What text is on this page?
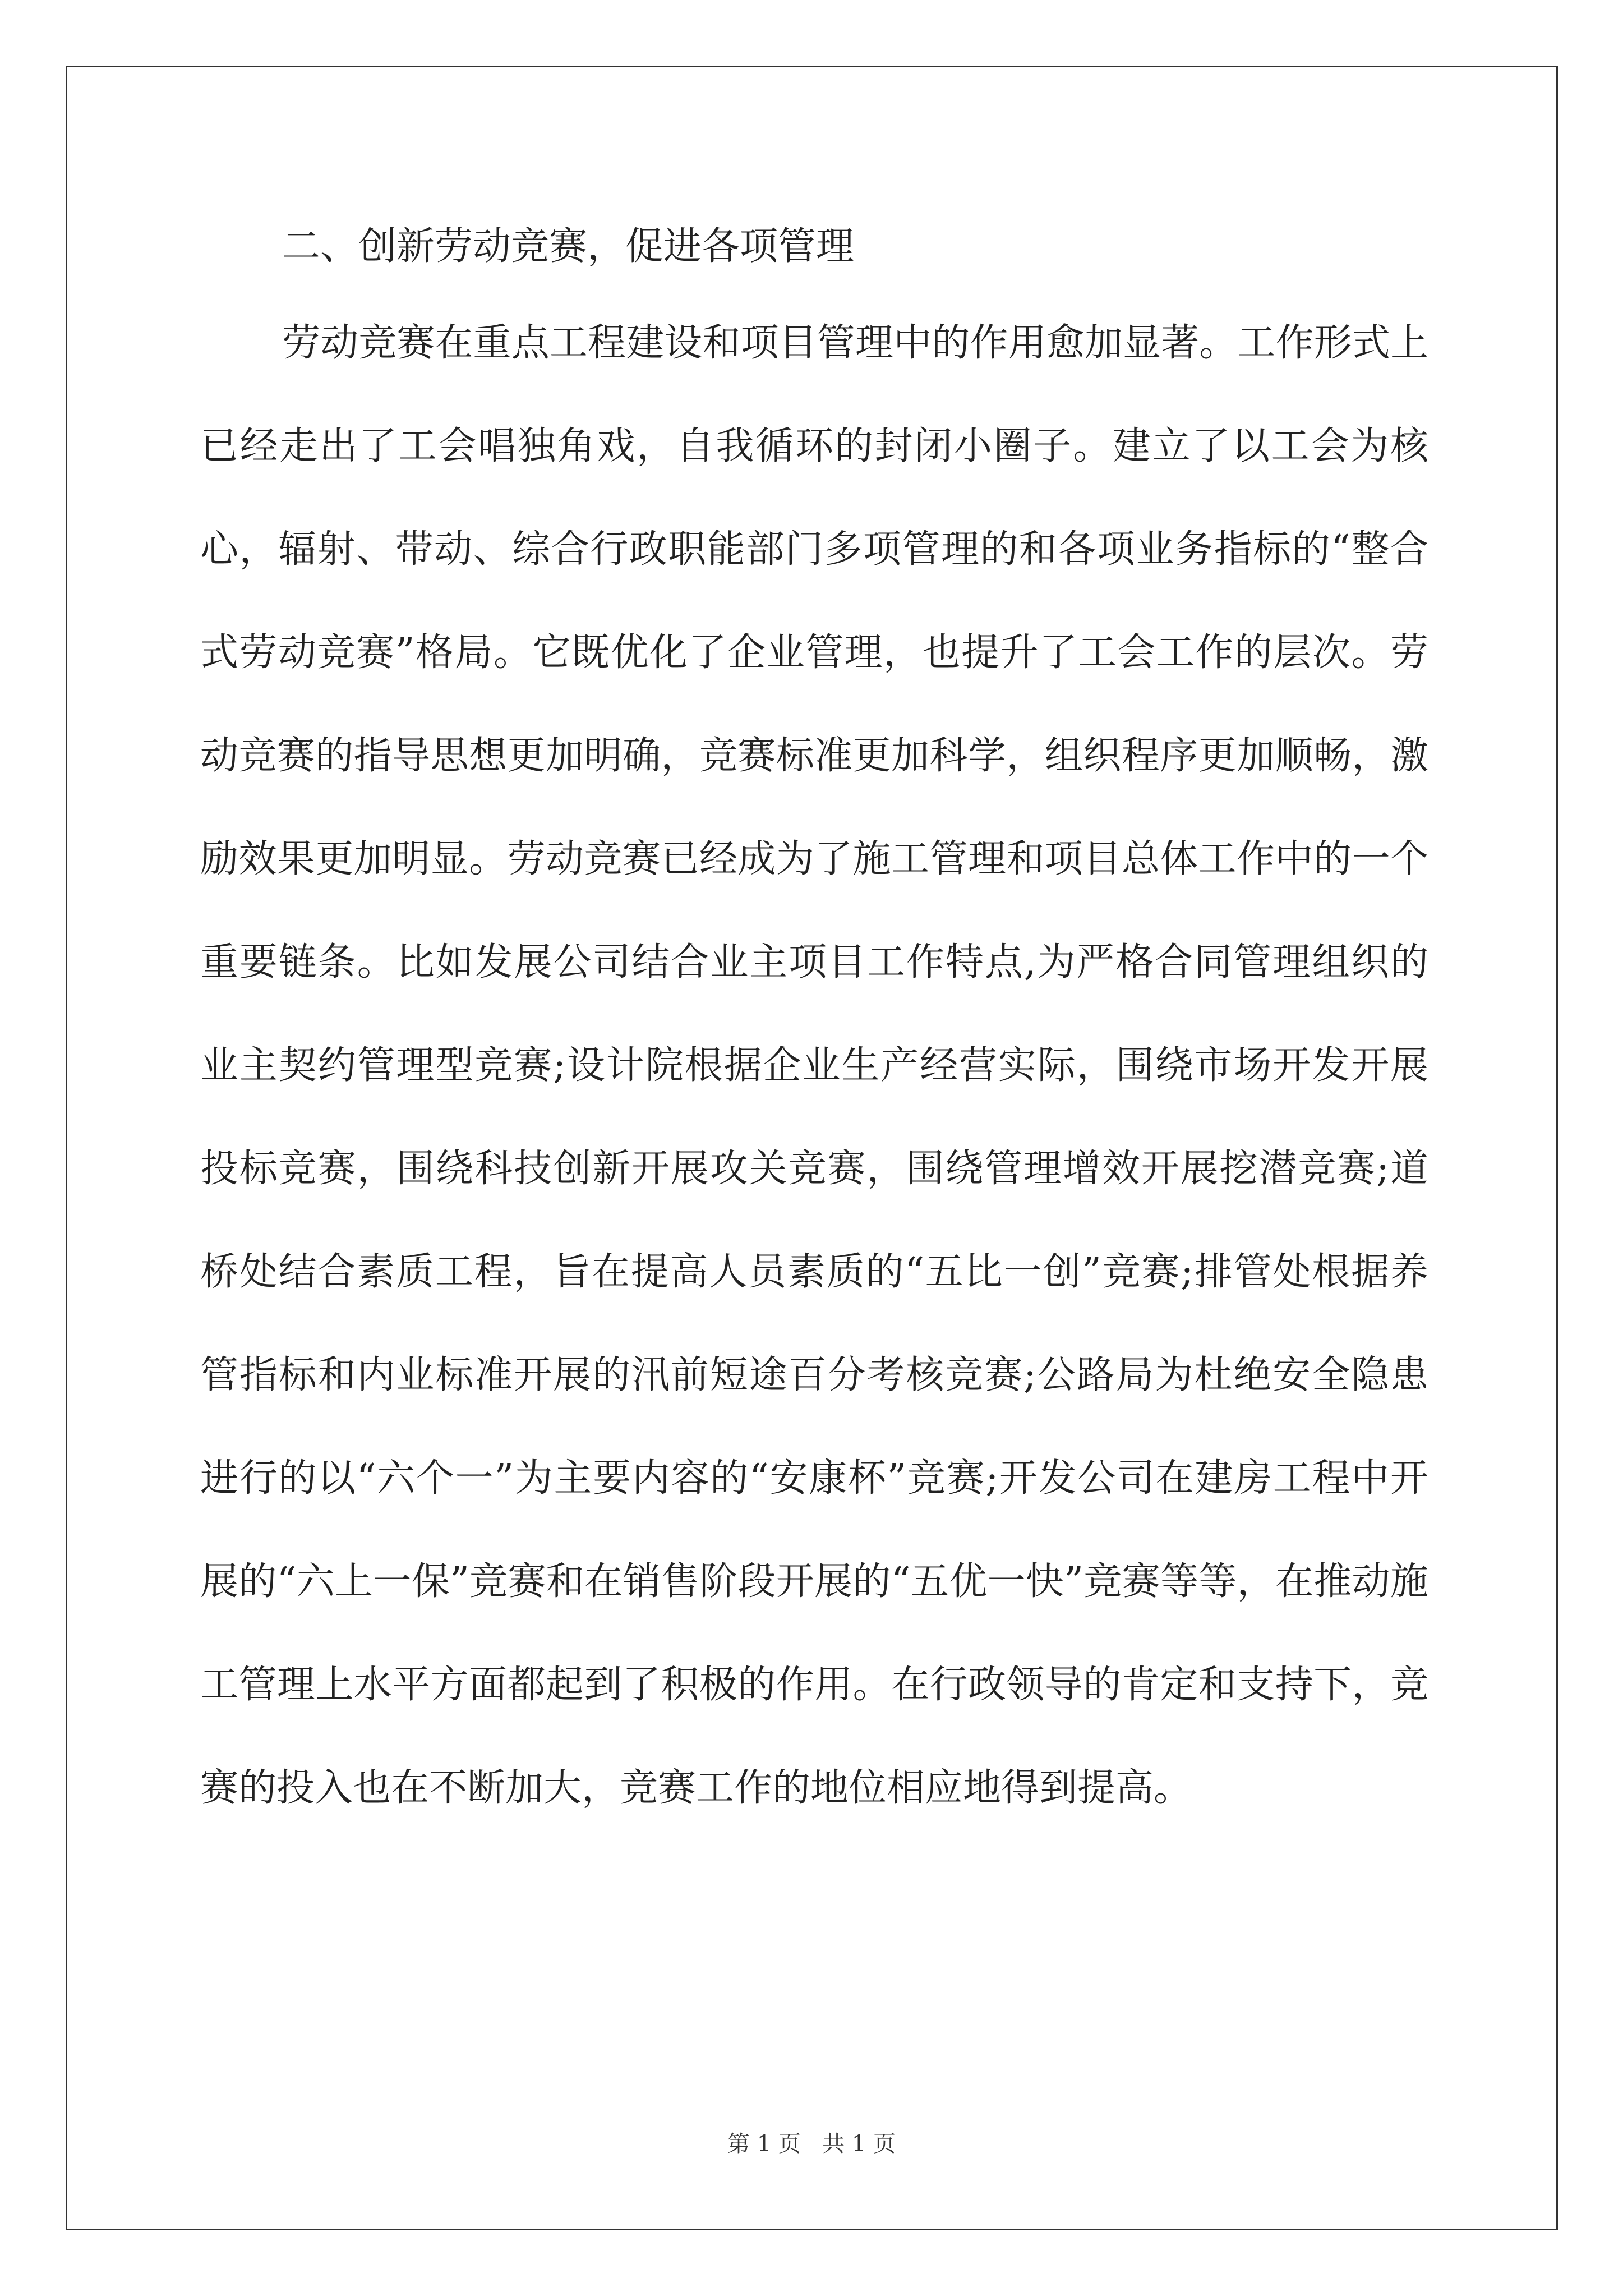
二、创新劳动竞赛，促进各项管理

劳动竞赛在重点工程建设和项目管理中的作用愈加显著。工作形式上已经走出了工会唱独角戏，自我循环的封闭小圈子。建立了以工会为核心，辐射、带动、综合行政职能部门多项管理的和各项业务指标的“整合式劳动竞赛”格局。它既优化了企业管理，也提升了工会工作的层次。劳动竞赛的指导思想更加明确，竞赛标准更加科学，组织程序更加顺畅，激励效果更加明显。劳动竞赛已经成为了施工管理和项目总体工作中的一个重要链条。比如发展公司结合业主项目工作特点,为严格合同管理组织的业主契约管理型竞赛;设计院根据企业生产经营实际，围绕市场开发开展投标竞赛，围绕科技创新开展攻关竞赛，围绕管理增效开展挖潜竞赛;道桥处结合素质工程，旨在提高人员素质的“五比一创”竞赛;排管处根据养管指标和内业标准开展的汛前短途百分考核竞赛;公路局为杜绝安全隐患进行的以“六个一”为主要内容的“安康杯”竞赛;开发公司在建房工程中开展的“六上一保”竞赛和在销售阶段开展的“五优一快”竞赛等等，在推动施工管理上水平方面都起到了积极的作用。在行政领导的肯定和支持下，竞赛的投入也在不断加大，竞赛工作的地位相应地得到提高。

第 1 页   共 1 页
